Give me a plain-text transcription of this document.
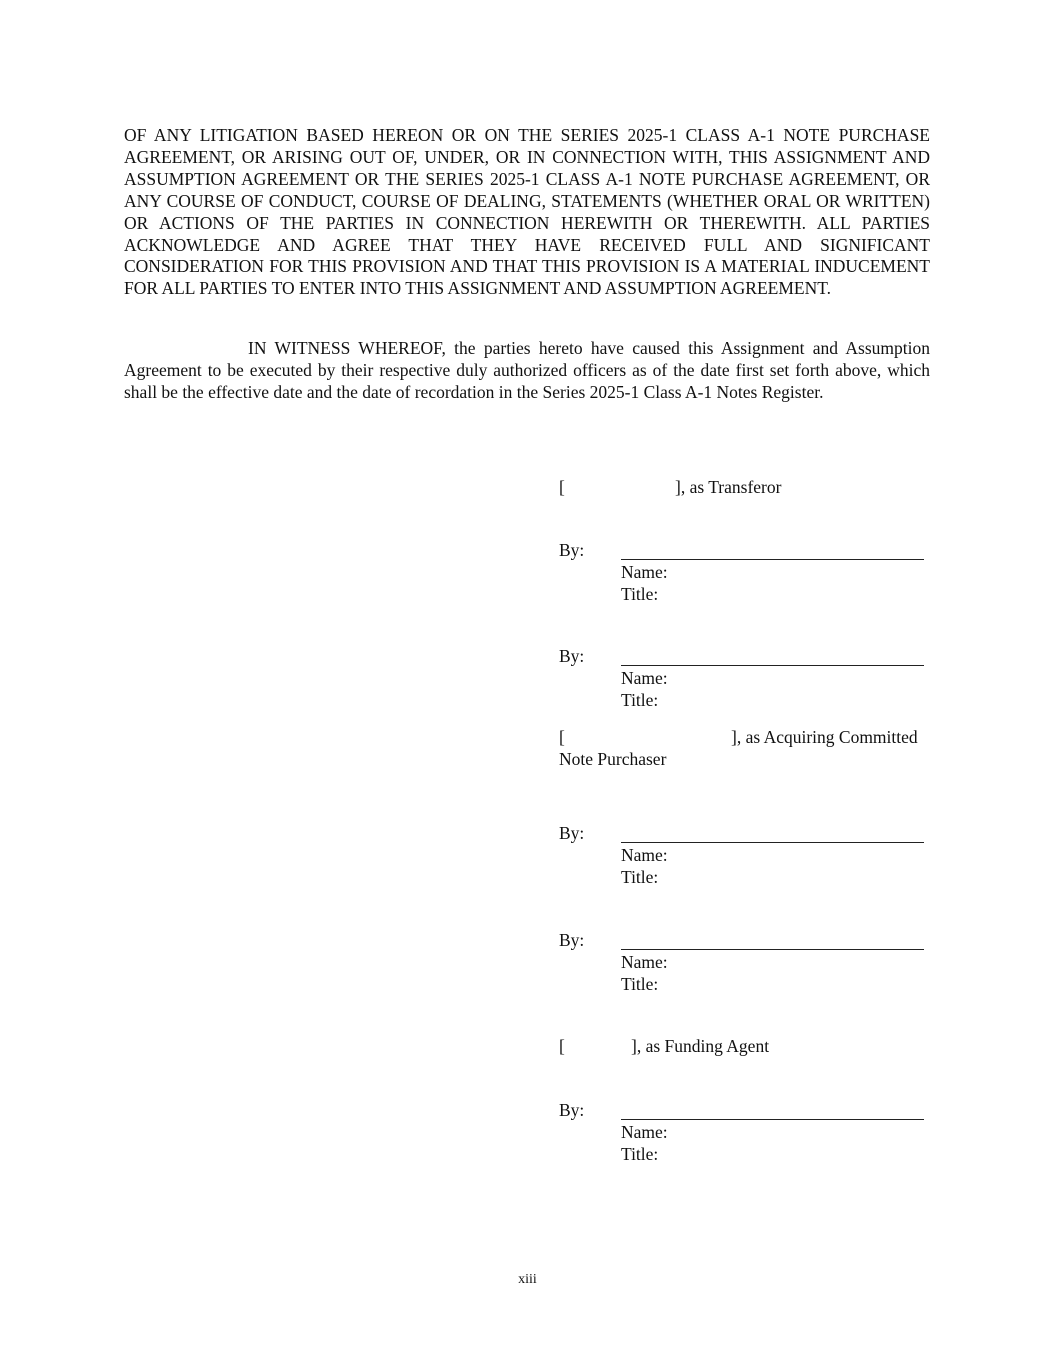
OF ANY LITIGATION BASED HEREON OR ON THE SERIES 2025-1 CLASS A-1 NOTE PURCHASE AGREEMENT, OR ARISING OUT OF, UNDER, OR IN CONNECTION WITH, THIS ASSIGNMENT AND ASSUMPTION AGREEMENT OR THE SERIES 2025-1 CLASS A-1 NOTE PURCHASE AGREEMENT, OR ANY COURSE OF CONDUCT, COURSE OF DEALING, STATEMENTS (WHETHER ORAL OR WRITTEN) OR ACTIONS OF THE PARTIES IN CONNECTION HEREWITH OR THEREWITH. ALL PARTIES ACKNOWLEDGE AND AGREE THAT THEY HAVE RECEIVED FULL AND SIGNIFICANT CONSIDERATION FOR THIS PROVISION AND THAT THIS PROVISION IS A MATERIAL INDUCEMENT FOR ALL PARTIES TO ENTER INTO THIS ASSIGNMENT AND ASSUMPTION AGREEMENT.
IN WITNESS WHEREOF, the parties hereto have caused this Assignment and Assumption Agreement to be executed by their respective duly authorized officers as of the date first set forth above, which shall be the effective date and the date of recordation in the Series 2025-1 Class A-1 Notes Register.
[	], as Transferor
By:
Name:
Title:
By:
Name:
Title:
[	], as Acquiring Committed
Note Purchaser
By:
Name:
Title:
By:
Name:
Title:
[	], as Funding Agent
By:
Name:
Title:
xiii
